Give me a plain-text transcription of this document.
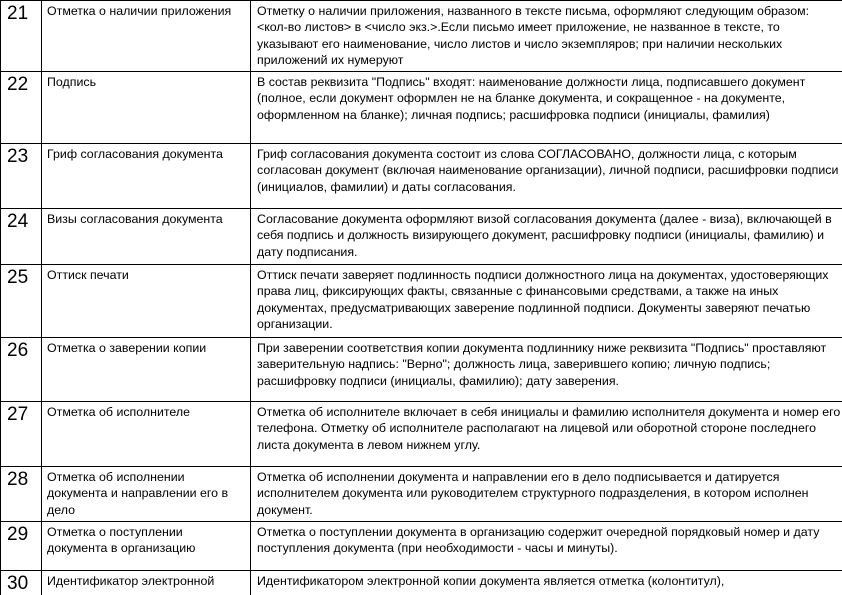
21	Отметка о наличии приложения	Отметку о наличии приложения, названного в тексте письма, оформляют следующим образом: <кол-во листов> в <число экз.>.Если письмо имеет приложение, не названное в тексте, то указывают его наименование, число листов и число экземпляров; при наличии нескольких приложений их нумеруют

22	Подпись	В состав реквизита "Подпись" входят: наименование должности лица, подписавшего документ (полное, если документ оформлен не на бланке документа, и сокращенное - на документе, оформленном на бланке); личная подпись; расшифровка подписи (инициалы, фамилия)

23	Гриф согласования документа	Гриф согласования документа состоит из слова СОГЛАСОВАНО, должности лица, с которым согласован документ (включая наименование организации), личной подписи, расшифровки подписи (инициалов, фамилии) и даты согласования.

24	Визы согласования документа	Согласование документа оформляют визой согласования документа (далее - виза), включающей в себя подпись и должность визирующего документ, расшифровку подписи (инициалы, фамилию) и дату подписания.

25	Оттиск печати	Оттиск печати заверяет подлинность подписи должностного лица на документах, удостоверяющих права лиц, фиксирующих факты, связанные с финансовыми средствами, а также на иных документах, предусматривающих заверение подлинной подписи. Документы заверяют печатью организации.

26	Отметка о заверении копии	При заверении соответствия копии документа подлиннику ниже реквизита "Подпись" проставляют заверительную надпись: "Верно"; должность лица, заверившего копию; личную подпись; расшифровку подписи (инициалы, фамилию); дату заверения.

27	Отметка об исполнителе	Отметка об исполнителе включает в себя инициалы и фамилию исполнителя документа и номер его телефона. Отметку об исполнителе располагают на лицевой или оборотной стороне последнего листа документа в левом нижнем углу.

28	Отметка об исполнении документа и направлении его в дело	Отметка об исполнении документа и направлении его в дело подписывается и датируется исполнителем документа или руководителем структурного подразделения, в котором исполнен документ.

29	Отметка о поступлении документа в организацию	Отметка о поступлении документа в организацию содержит очередной порядковый номер и дату поступления документа (при необходимости - часы и минуты).

30	Идентификатор электронной	Идентификатором электронной копии документа является отметка (колонтитул),
